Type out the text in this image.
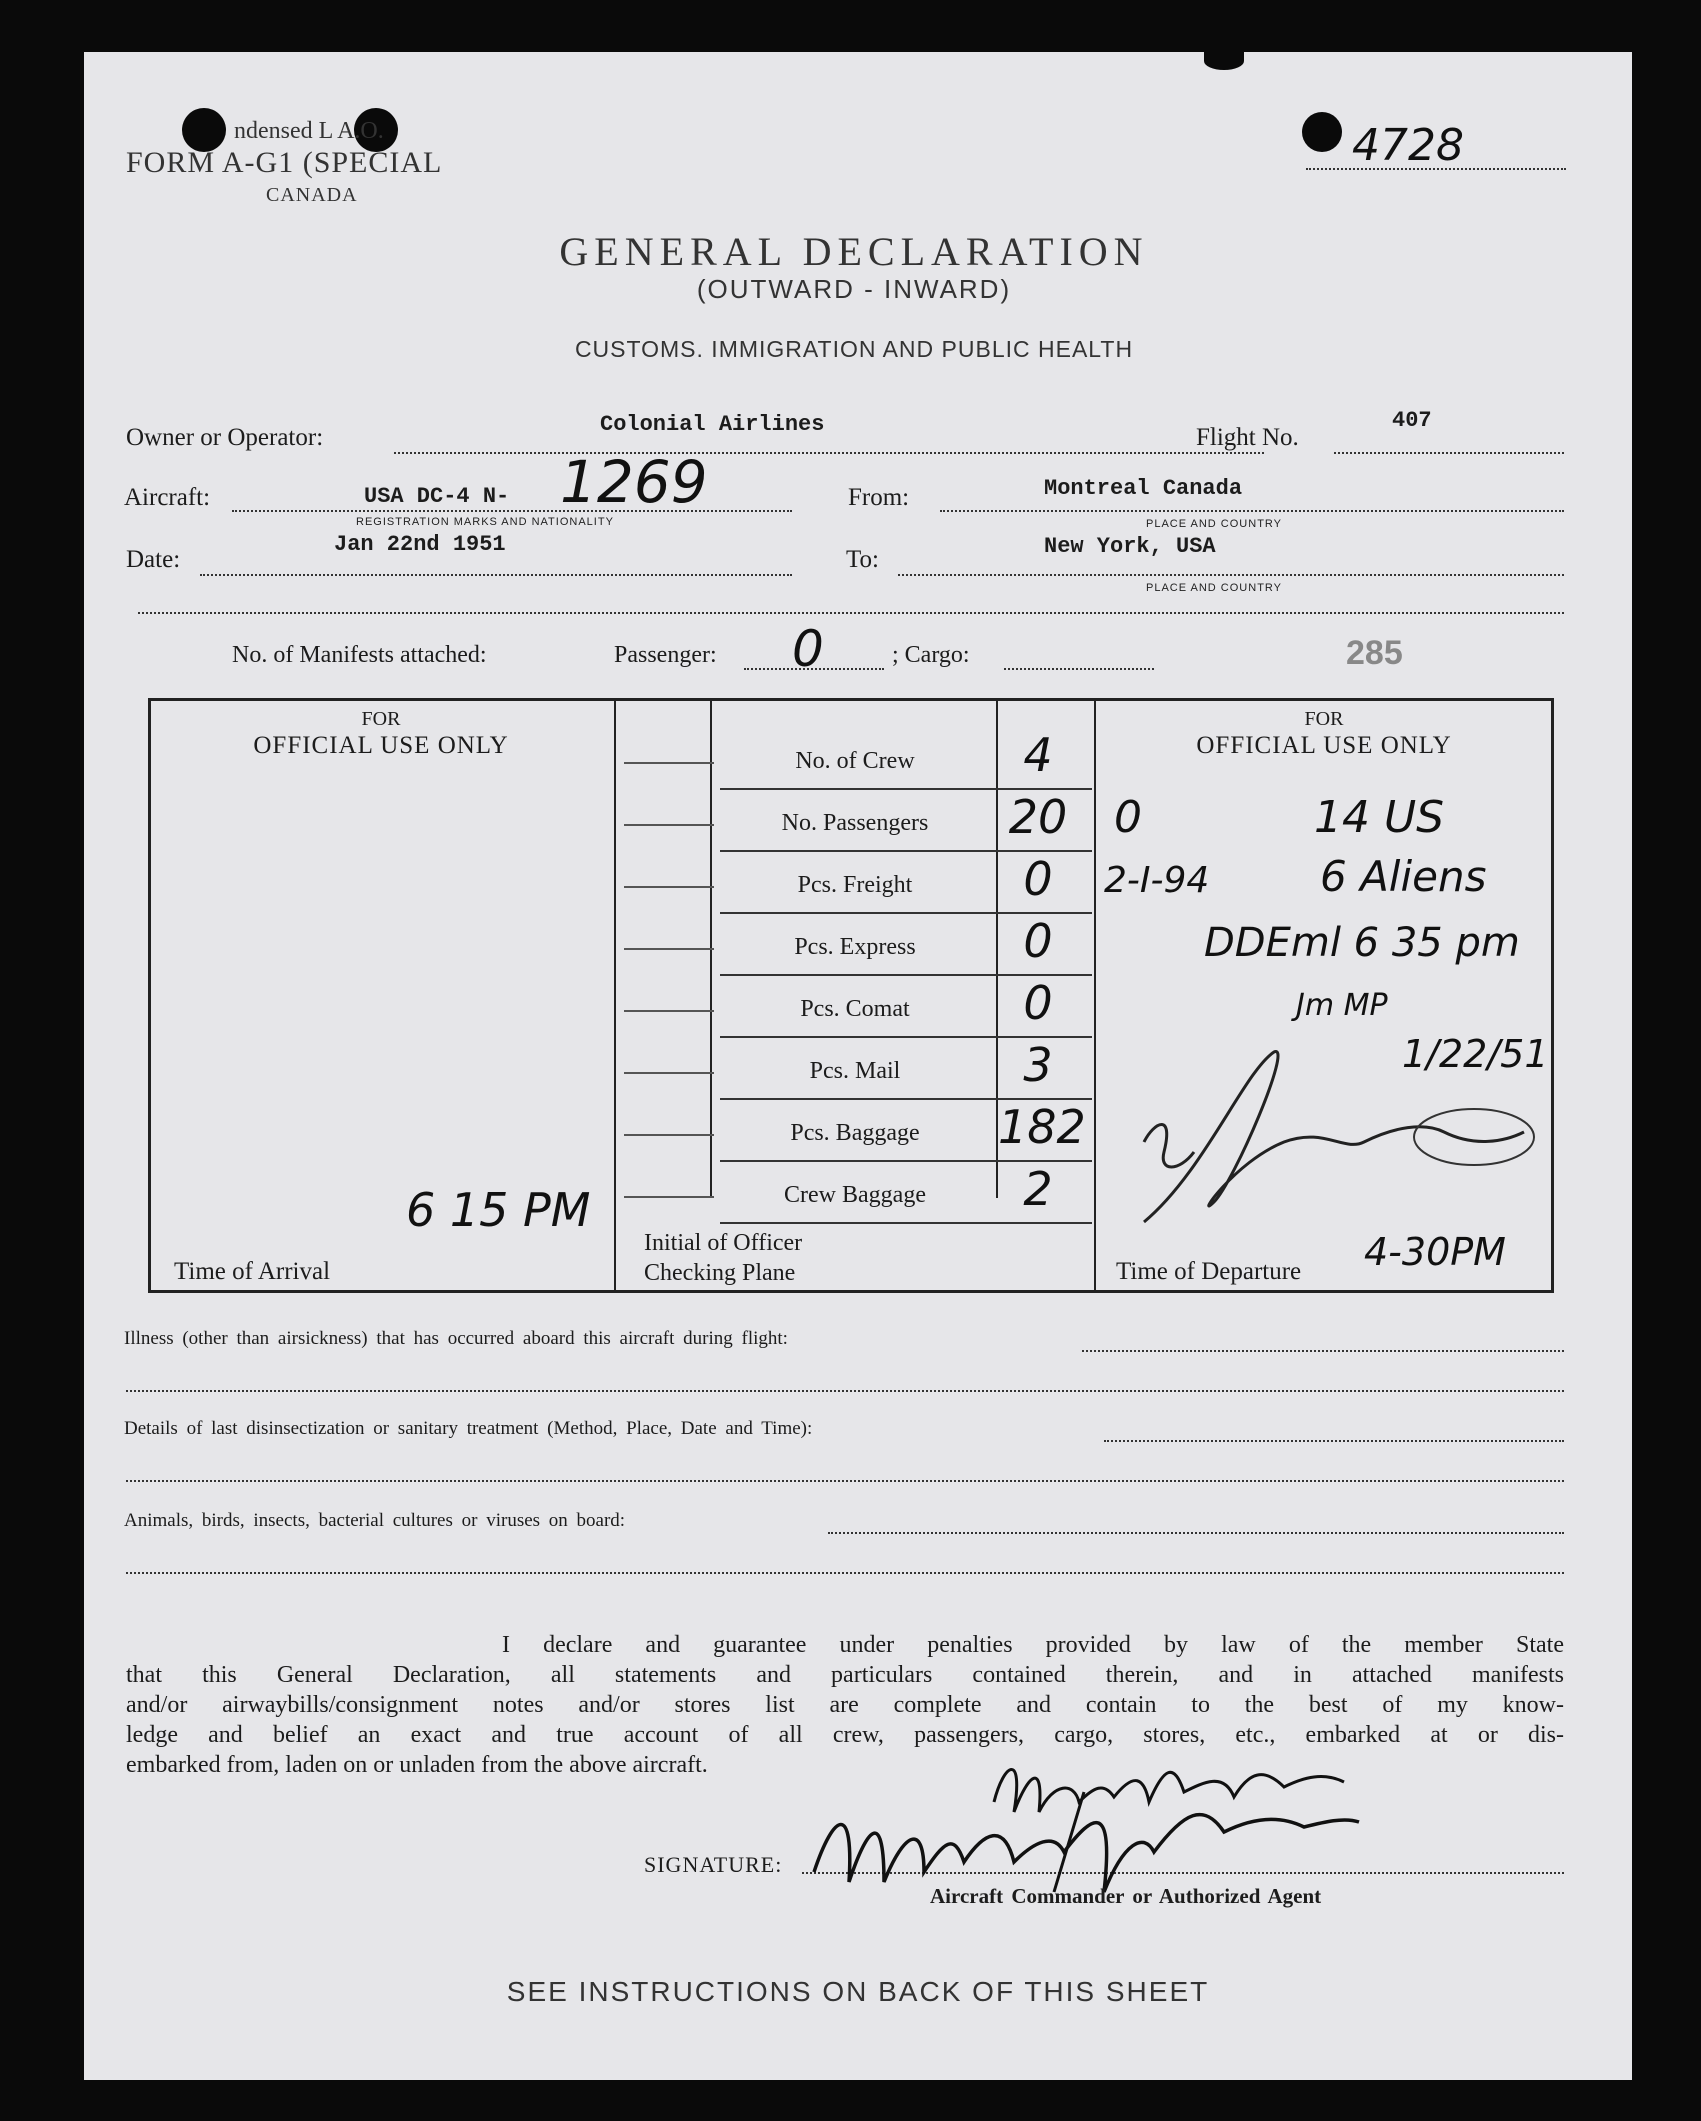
ndensed L A.O.
FORM A-G1 (SPECIAL
CANADA
4728
GENERAL DECLARATION
(OUTWARD - INWARD)
CUSTOMS. IMMIGRATION AND PUBLIC HEALTH
Owner or Operator:	Colonial Airlines	Flight No.
407
Aircraft:	USA DC-4 N- 1269
REGISTRATION MARKS AND NATIONALITY
From:	Montreal Canada
PLACE AND COUNTRY
Date:
Jan 22nd 1951
To:	New York, USA
PLACE AND COUNTRY
No. of Manifests attached:	Passenger: 0	; Cargo:	285
FOR
OFFICIAL USE ONLY
Time of Arrival
6 15 PM
No. of Crew	4
No. Passengers	20
Pcs. Freight	0
Pcs. Express	0
Pcs. Comat	0
Pcs. Mail	3
Pcs. Baggage	182
Crew Baggage	2
Initial of Officer
Checking Plane
FOR
OFFICIAL USE ONLY
0	14 US
2-I-94	6 Aliens
DDEml 6 35 pm
Jm MP
1/22/51
Time of Departure 4-30PM
Illness (other than airsickness) that has occurred aboard this aircraft during flight:
Details of last disinsectization or sanitary treatment (Method, Place, Date and Time):
Animals, birds, insects, bacterial cultures or viruses on board:
I declare and guarantee under penalties provided by law of the member State
that this General Declaration, all statements and particulars contained therein, and in attached manifests
and/or airwaybills/consignment notes and/or stores list are complete and contain to the best of my know-
ledge and belief an exact and true account of all crew, passengers, cargo, stores, etc., embarked at or dis-
embarked from, laden on or unladen from the above aircraft.
SIGNATURE:
Aircraft Commander or Authorized Agent
SEE INSTRUCTIONS ON BACK OF THIS SHEET
